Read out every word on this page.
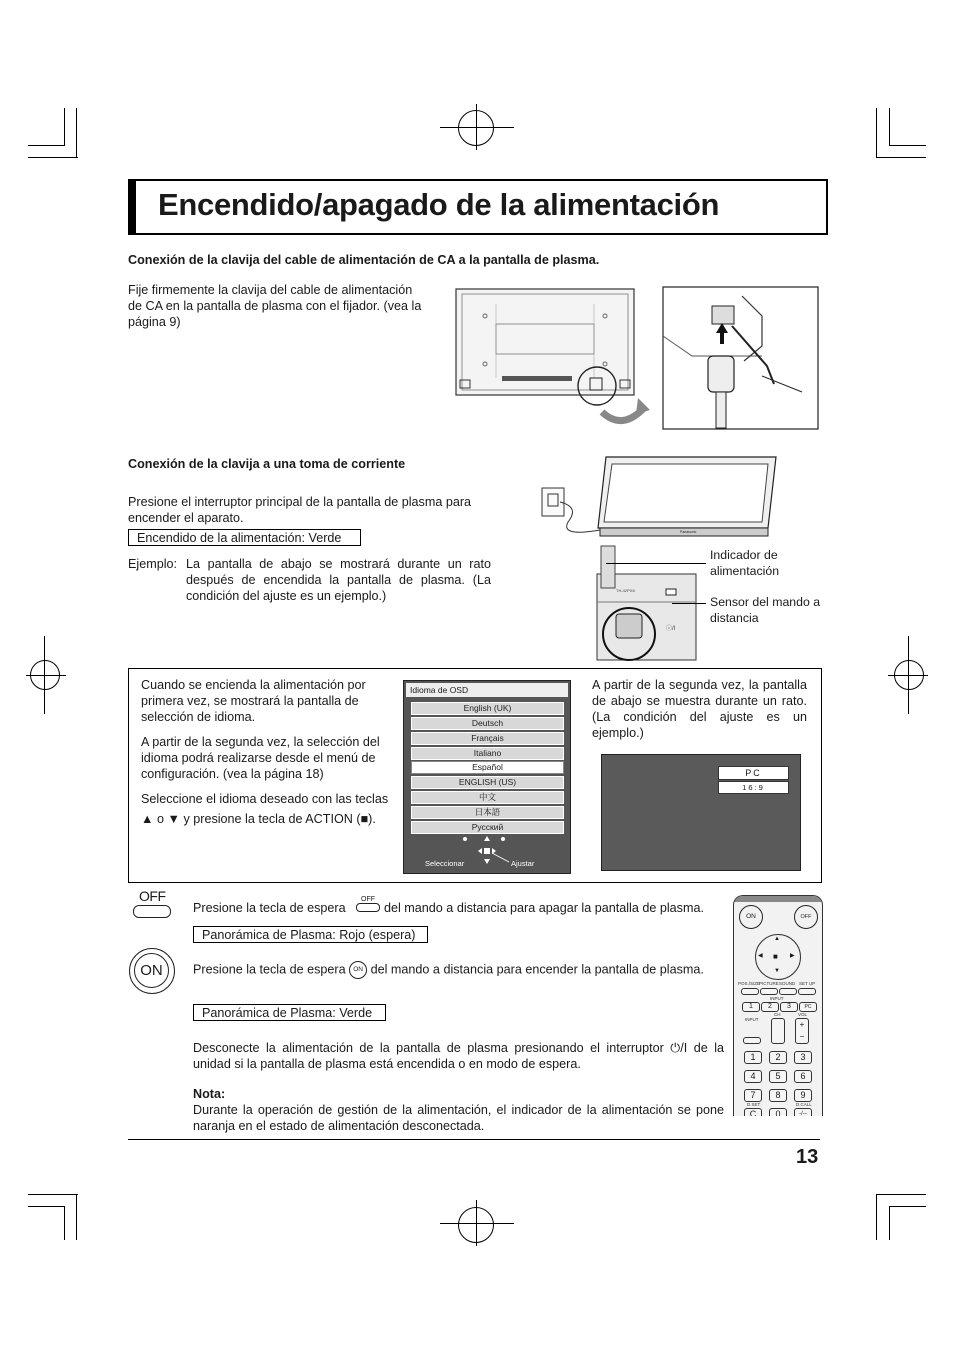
Encendido/apagado de la alimentación
Conexión de la clavija del cable de alimentación de CA a la pantalla de plasma.
Fije firmemente la clavija del cable de alimentación de CA en la pantalla de plasma con el fijador. (vea la página 9)
Conexión de la clavija a una toma de corriente
Presione el interruptor principal de la pantalla de plasma para encender el aparato.
Encendido de la alimentación: Verde
Ejemplo: La pantalla de abajo se mostrará durante un rato después de encendida la pantalla de plasma. (La condición del ajuste es un ejemplo.)
Panasonic
TH-42PX8
ⓘ/I
Indicador de alimentación
Sensor del mando a distancia
Cuando se encienda la alimentación por primera vez, se mostrará la pantalla de selección de idioma.
A partir de la segunda vez, la selección del idioma podrá realizarse desde el menú de configuración. (vea la página 18)
Seleccione el idioma deseado con las teclas
▲ o ▼ y presione la tecla de ACTION (■).
Idioma de OSD
English (UK)
Deutsch
Français
Italiano
Español
ENGLISH (US)
中文
日本語
Русский
Seleccionar	Ajustar
A partir de la segunda vez, la pantalla de abajo se muestra durante un rato. (La condición del ajuste es un ejemplo.)
PC
16:9
OFF
Presione la tecla de espera
OFF
del mando a distancia para apagar la pantalla de plasma.
Panorámica de Plasma: Rojo (espera)
ON	Presione la tecla de espera ON del mando a distancia para encender la pantalla de plasma.
Panorámica de Plasma: Verde
Desconecte la alimentación de la pantalla de plasma presionando el interruptor ⏻/I de la unidad si la pantalla de plasma está encendida o en modo de espera.
Nota:
Durante la operación de gestión de la alimentación, el indicador de la alimentación se pone naranja en el estado de alimentación desconectada.
ON	OFF
■
▲
▼
◀	▶
POS./SIZE
PICTURE SOUND SET UP
INPUT
1	2	3	PC
INPUT
CH	VOL
+
−
1	2	3
4	5	6
7	8	9
D.SET	D.CALL
C	0	-/--
13
